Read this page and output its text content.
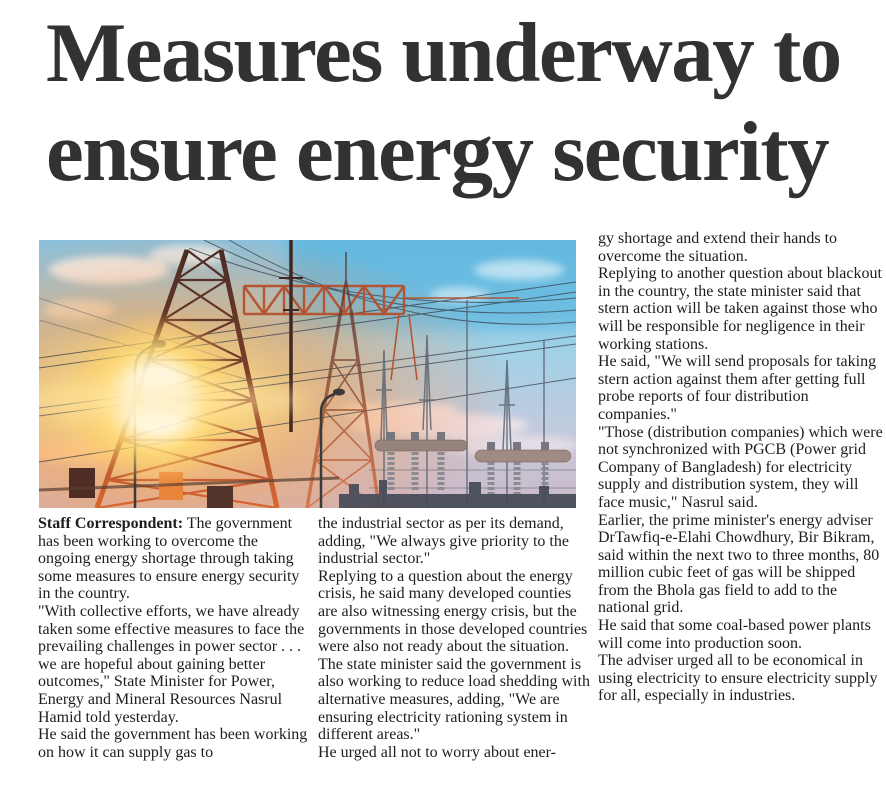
Measures underway to
ensure energy security

Staff Correspondent: The government has been working to overcome the ongoing energy shortage through taking some measures to ensure energy security in the country.

"With collective efforts, we have already taken some effective measures to face the prevailing challenges in power sector . . . we are hopeful about gaining better outcomes," State Minister for Power, Energy and Mineral Resources Nasrul Hamid told yesterday.

He said the government has been working on how it can supply gas to

the industrial sector as per its demand, adding, "We always give priority to the industrial sector."

Replying to a question about the energy crisis, he said many developed counties are also witnessing energy crisis, but the governments in those developed countries were also not ready about the situation.

The state minister said the government is also working to reduce load shedding with alternative measures, adding, "We are ensuring electricity rationing system in different areas."

He urged all not to worry about ener-

gy shortage and extend their hands to overcome the situation.

Replying to another question about blackout in the country, the state minister said that stern action will be taken against those who will be responsible for negligence in their working stations.

He said, "We will send proposals for taking stern action against them after getting full probe reports of four distribution companies."

"Those (distribution companies) which were not synchronized with PGCB (Power grid Company of Bangladesh) for electricity supply and distribution system, they will face music," Nasrul said.

Earlier, the prime minister's energy adviser DrTawfiq-e-Elahi Chowdhury, Bir Bikram, said within the next two to three months, 80 million cubic feet of gas will be shipped from the Bhola gas field to add to the national grid.

He said that some coal-based power plants will come into production soon.

The adviser urged all to be economical in using electricity to ensure electricity supply for all, especially in industries.
